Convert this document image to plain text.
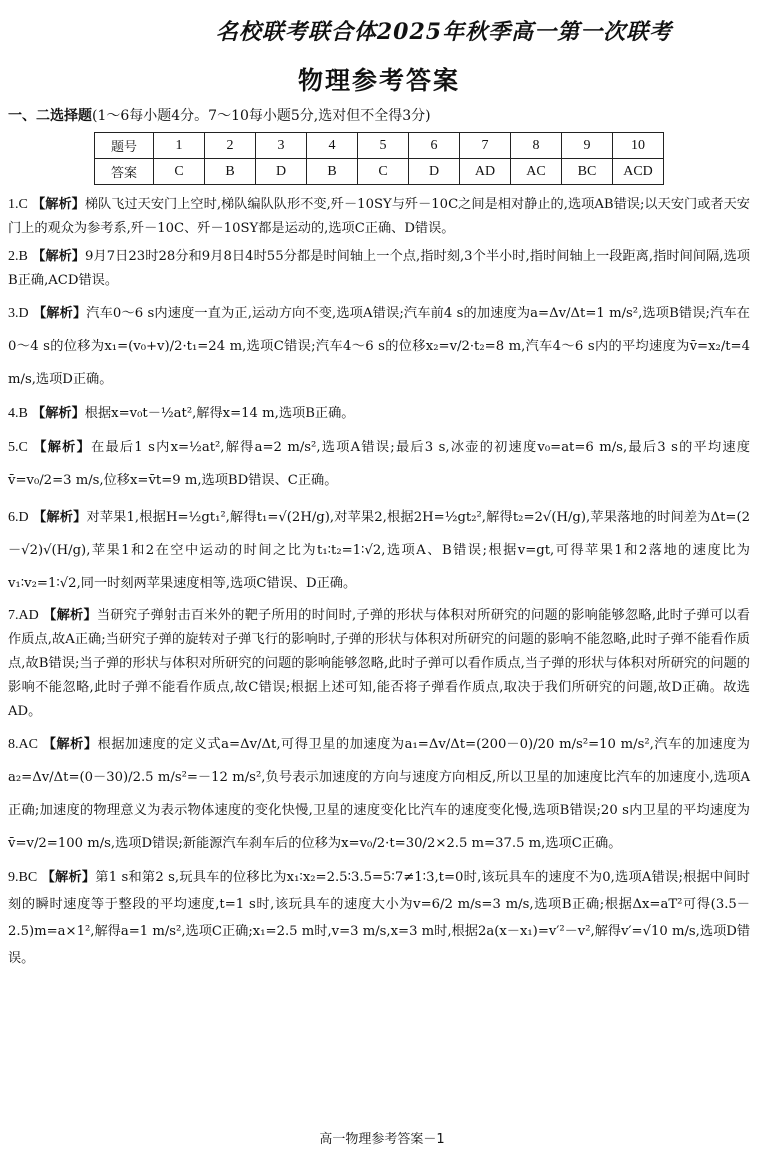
名校联考联合体2025年秋季高一第一次联考
物理参考答案
一、二选择题(1～6每小题4分。7～10每小题5分,选对但不全得3分)
题号	1	2	3	4	5	6	7	8	9	10
答案	C	B	D	B	C	D	AD	AC	BC	ACD
1.C 【解析】梯队飞过天安门上空时,梯队编队队形不变,歼－10SY与歼－10C之间是相对静止的,选项AB错误;以天安门或者天安门上的观众为参考系,歼－10C、歼－10SY都是运动的,选项C正确、D错误。
2.B 【解析】9月7日23时28分和9月8日4时55分都是时间轴上一个点,指时刻,3个半小时,指时间轴上一段距离,指时间间隔,选项B正确,ACD错误。
3.D 【解析】汽车0～6 s内速度一直为正,运动方向不变,选项A错误;汽车前4 s的加速度为a=Δv/Δt=1 m/s²,选项B错误;汽车在0～4 s的位移为x₁=(v₀+v)/2·t₁=24 m,选项C错误;汽车4～6 s的位移x₂=v/2·t₂=8 m,汽车4～6 s内的平均速度为v̄=x₂/t=4 m/s,选项D正确。
4.B 【解析】根据x=v₀t－½at²,解得x=14 m,选项B正确。
5.C 【解析】在最后1 s内x=½at²,解得a=2 m/s²,选项A错误;最后3 s,冰壶的初速度v₀=at=6 m/s,最后3 s的平均速度v̄=v₀/2=3 m/s,位移x=v̄t=9 m,选项BD错误、C正确。
6.D 【解析】对苹果1,根据H=½gt₁²,解得t₁=√(2H/g),对苹果2,根据2H=½gt₂²,解得t₂=2√(H/g),苹果落地的时间差为Δt=(2－√2)√(H/g),苹果1和2在空中运动的时间之比为t₁∶t₂=1∶√2,选项A、B错误;根据v=gt,可得苹果1和2落地的速度比为v₁∶v₂=1∶√2,同一时刻两苹果速度相等,选项C错误、D正确。
7.AD 【解析】当研究子弹射击百米外的靶子所用的时间时,子弹的形状与体积对所研究的问题的影响能够忽略,此时子弹可以看作质点,故A正确;当研究子弹的旋转对子弹飞行的影响时,子弹的形状与体积对所研究的问题的影响不能忽略,此时子弹不能看作质点,故B错误;当子弹的形状与体积对所研究的问题的影响能够忽略,此时子弹可以看作质点,当子弹的形状与体积对所研究的问题的影响不能忽略,此时子弹不能看作质点,故C错误;根据上述可知,能否将子弹看作质点,取决于我们所研究的问题,故D正确。故选AD。
8.AC 【解析】根据加速度的定义式a=Δv/Δt,可得卫星的加速度为a₁=Δv/Δt=(200－0)/20 m/s²=10 m/s²,汽车的加速度为a₂=Δv/Δt=(0－30)/2.5 m/s²=－12 m/s²,负号表示加速度的方向与速度方向相反,所以卫星的加速度比汽车的加速度小,选项A正确;加速度的物理意义为表示物体速度的变化快慢,卫星的速度变化比汽车的速度变化慢,选项B错误;20 s内卫星的平均速度为v̄=v/2=100 m/s,选项D错误;新能源汽车刹车后的位移为x=v₀/2·t=30/2×2.5 m=37.5 m,选项C正确。
9.BC 【解析】第1 s和第2 s,玩具车的位移比为x₁∶x₂=2.5∶3.5=5∶7≠1∶3,t=0时,该玩具车的速度不为0,选项A错误;根据中间时刻的瞬时速度等于整段的平均速度,t=1 s时,该玩具车的速度大小为v=6/2 m/s=3 m/s,选项B正确;根据Δx=aT²可得(3.5－2.5)m=a×1²,解得a=1 m/s²,选项C正确;x₁=2.5 m时,v=3 m/s,x=3 m时,根据2a(x－x₁)=v′²－v²,解得v′=√10 m/s,选项D错误。
高一物理参考答案－1
